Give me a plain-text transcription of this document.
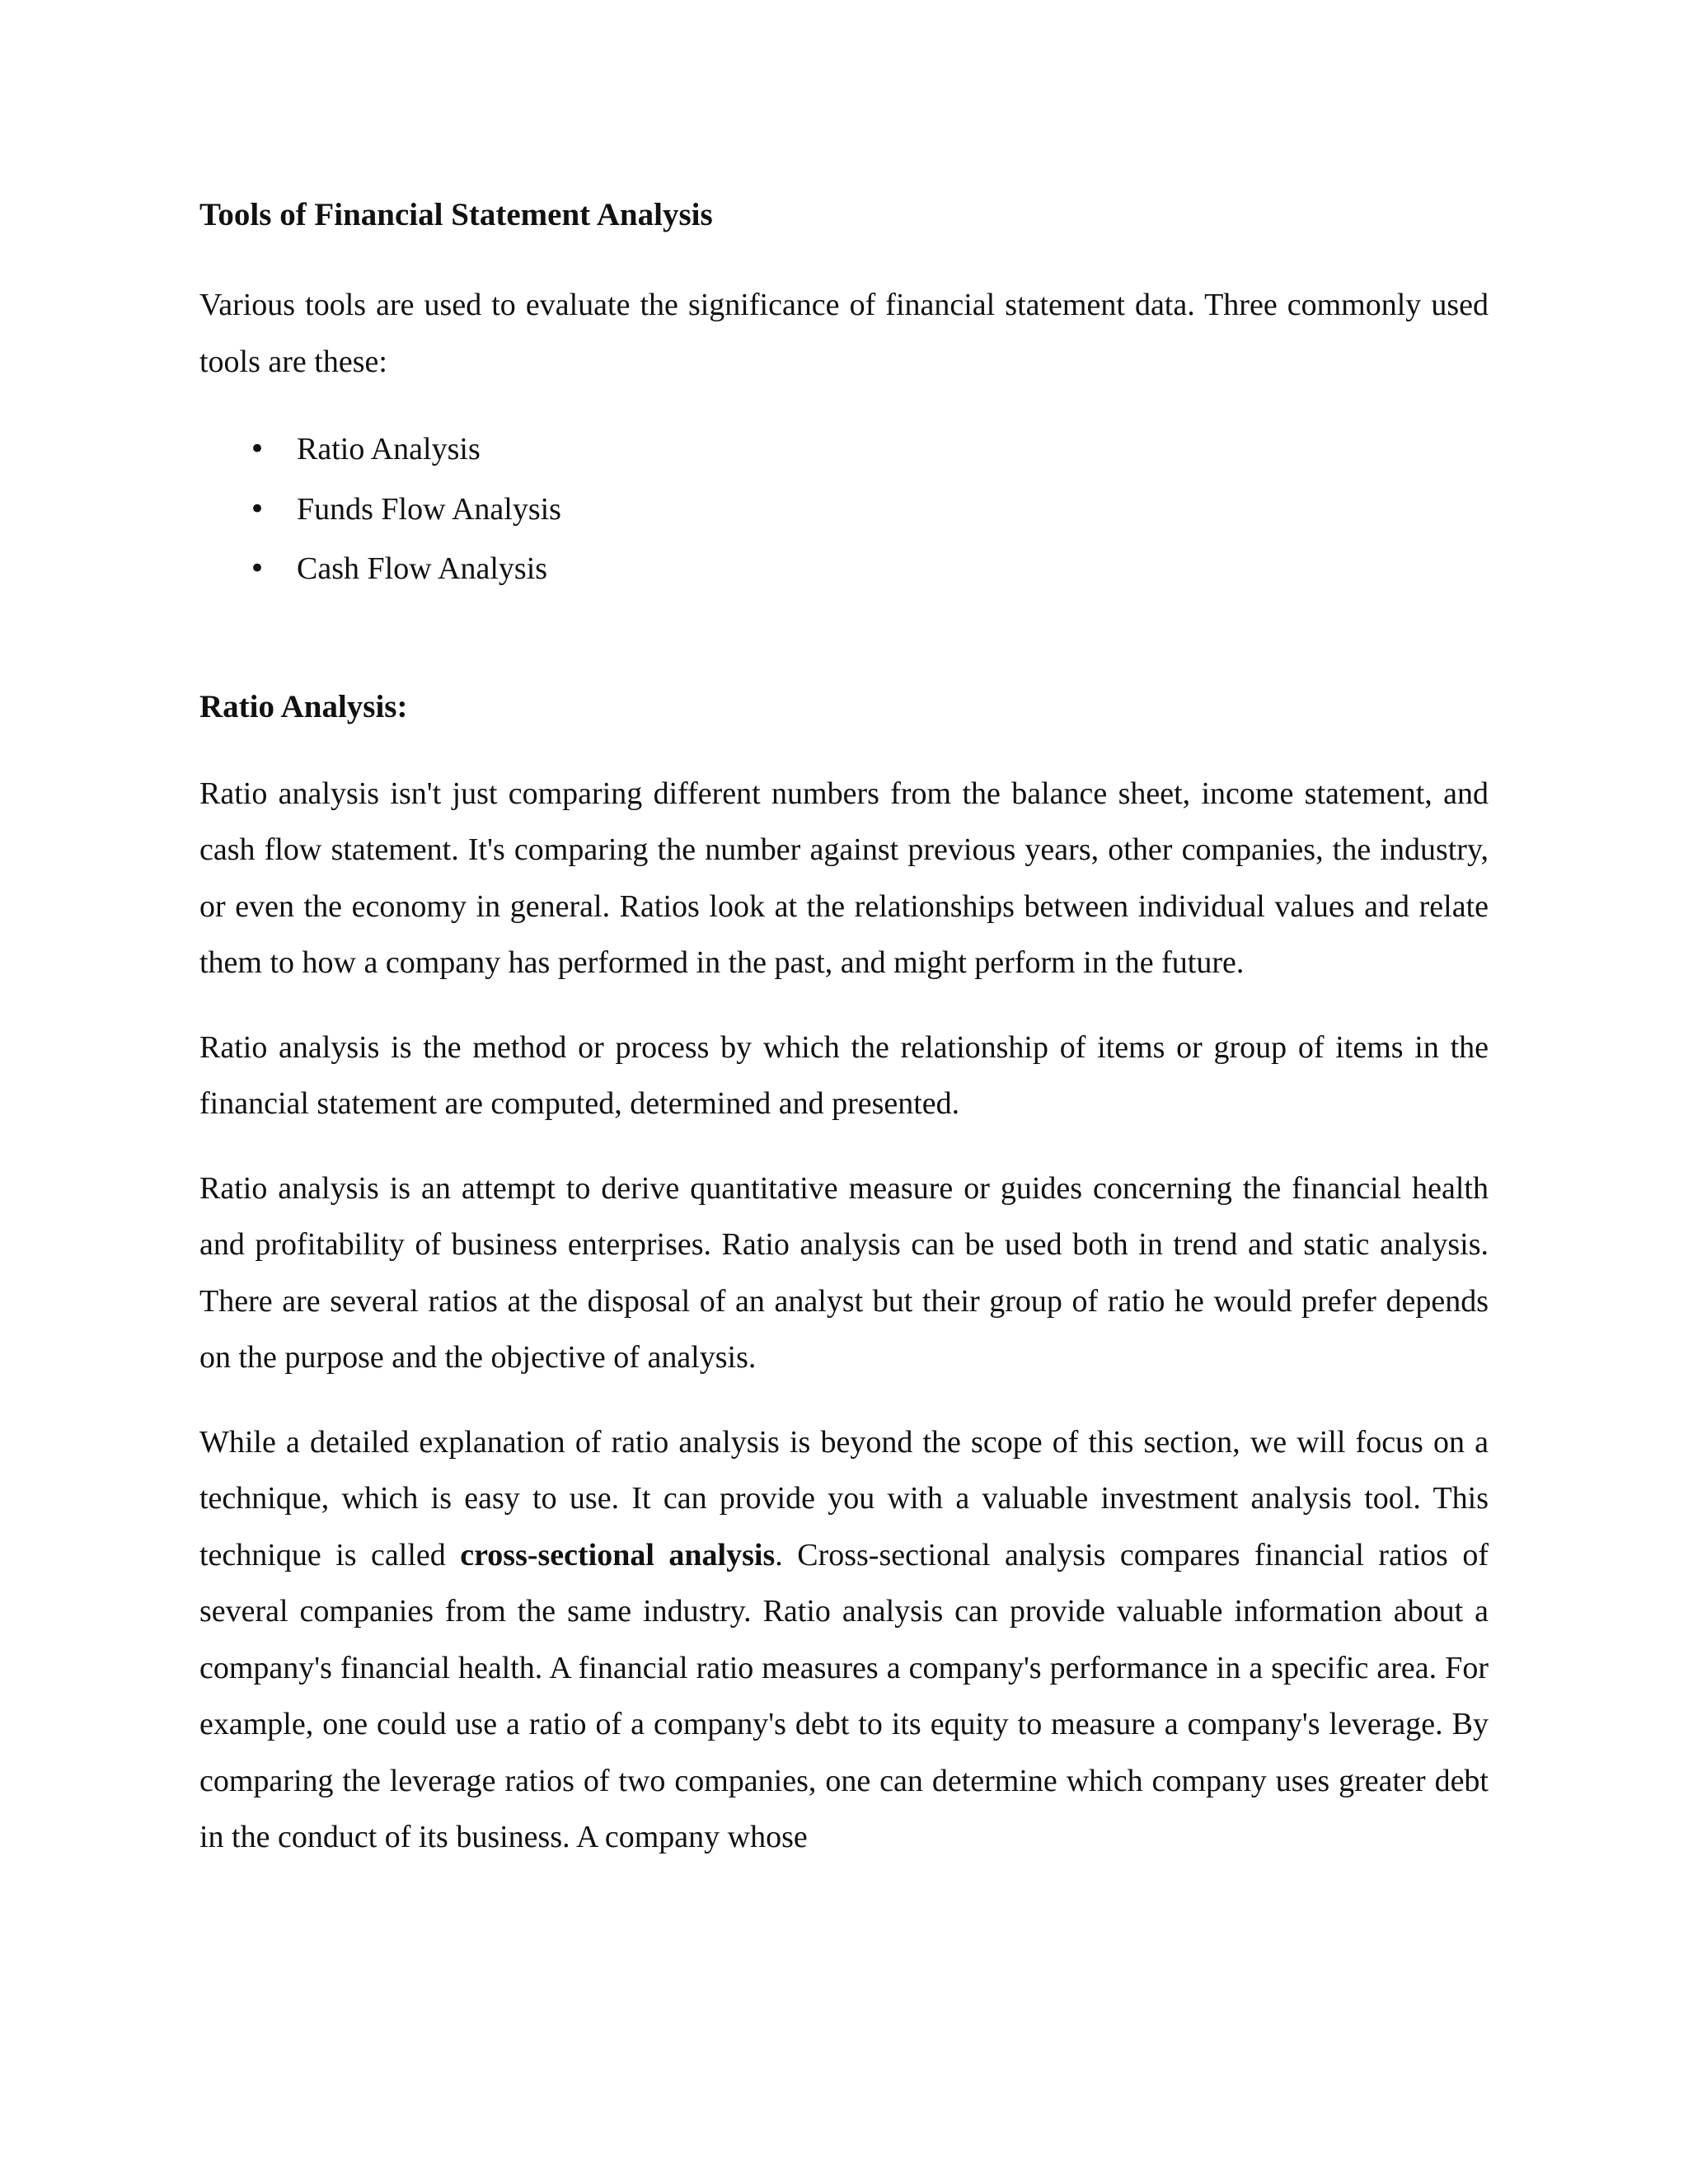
Tools of Financial Statement Analysis

Various tools are used to evaluate the significance of financial statement data. Three commonly used tools are these:

• Ratio Analysis
• Funds Flow Analysis
• Cash Flow Analysis
Ratio Analysis:

Ratio analysis isn't just comparing different numbers from the balance sheet, income statement, and cash flow statement. It's comparing the number against previous years, other companies, the industry, or even the economy in general. Ratios look at the relationships between individual values and relate them to how a company has performed in the past, and might perform in the future.

Ratio analysis is the method or process by which the relationship of items or group of items in the financial statement are computed, determined and presented.

Ratio analysis is an attempt to derive quantitative measure or guides concerning the financial health and profitability of business enterprises. Ratio analysis can be used both in trend and static analysis. There are several ratios at the disposal of an analyst but their group of ratio he would prefer depends on the purpose and the objective of analysis.

While a detailed explanation of ratio analysis is beyond the scope of this section, we will focus on a technique, which is easy to use. It can provide you with a valuable investment analysis tool. This technique is called cross-sectional analysis. Cross-sectional analysis compares financial ratios of several companies from the same industry. Ratio analysis can provide valuable information about a company's financial health. A financial ratio measures a company's performance in a specific area. For example, one could use a ratio of a company's debt to its equity to measure a company's leverage. By comparing the leverage ratios of two companies, one can determine which company uses greater debt in the conduct of its business. A company whose
